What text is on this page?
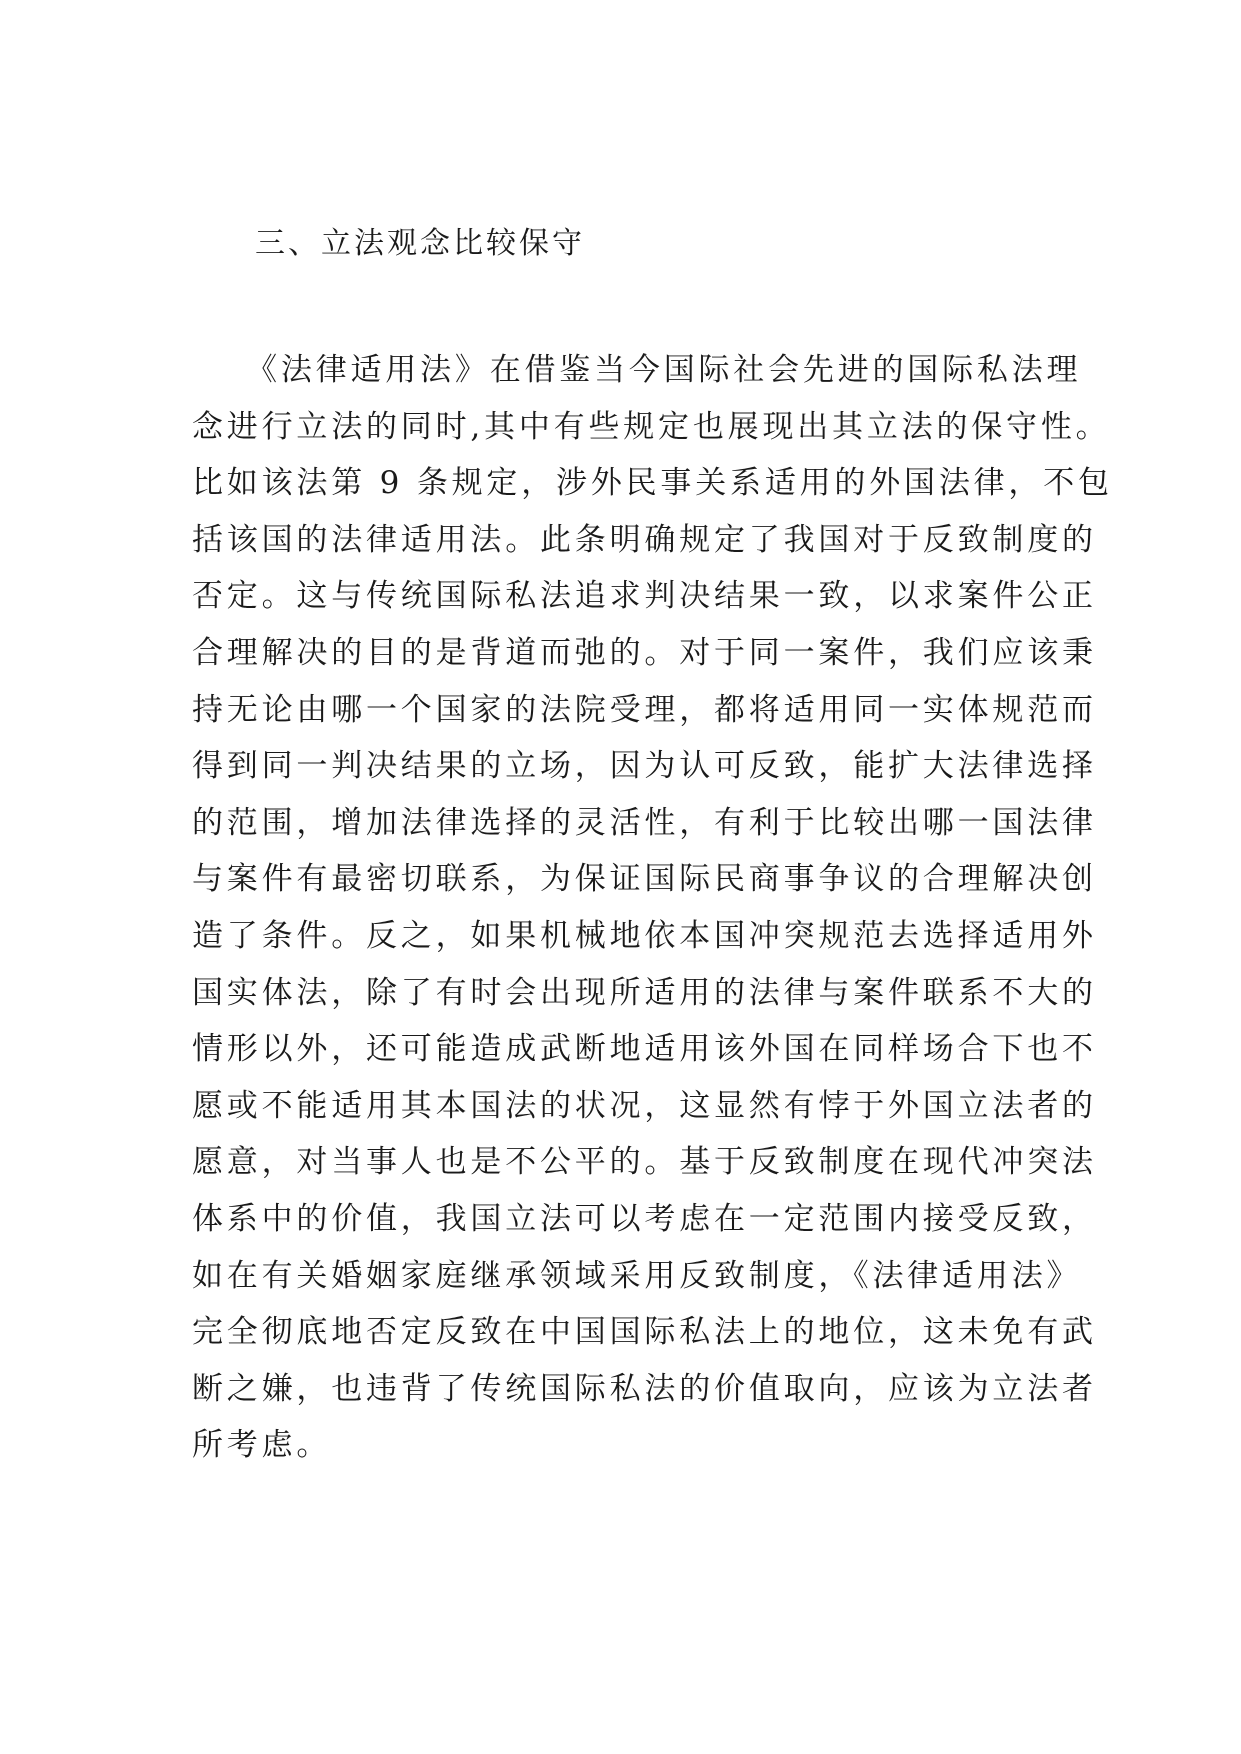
三、立法观念比较保守
　　《法律适用法》在借鉴当今国际社会先进的国际私法理
念进行立法的同时,其中有些规定也展现出其立法的保守性。
比如该法第 9 条规定，涉外民事关系适用的外国法律，不包
括该国的法律适用法。此条明确规定了我国对于反致制度的
否定。这与传统国际私法追求判决结果一致，以求案件公正
合理解决的目的是背道而弛的。对于同一案件，我们应该秉
持无论由哪一个国家的法院受理，都将适用同一实体规范而
得到同一判决结果的立场，因为认可反致，能扩大法律选择
的范围，增加法律选择的灵活性，有利于比较出哪一国法律
与案件有最密切联系，为保证国际民商事争议的合理解决创
造了条件。反之，如果机械地依本国冲突规范去选择适用外
国实体法，除了有时会出现所适用的法律与案件联系不大的
情形以外，还可能造成武断地适用该外国在同样场合下也不
愿或不能适用其本国法的状况，这显然有悖于外国立法者的
愿意，对当事人也是不公平的。基于反致制度在现代冲突法
体系中的价值，我国立法可以考虑在一定范围内接受反致，
如在有关婚姻家庭继承领域采用反致制度，《法律适用法》
完全彻底地否定反致在中国国际私法上的地位，这未免有武
断之嫌，也违背了传统国际私法的价值取向，应该为立法者
所考虑。
